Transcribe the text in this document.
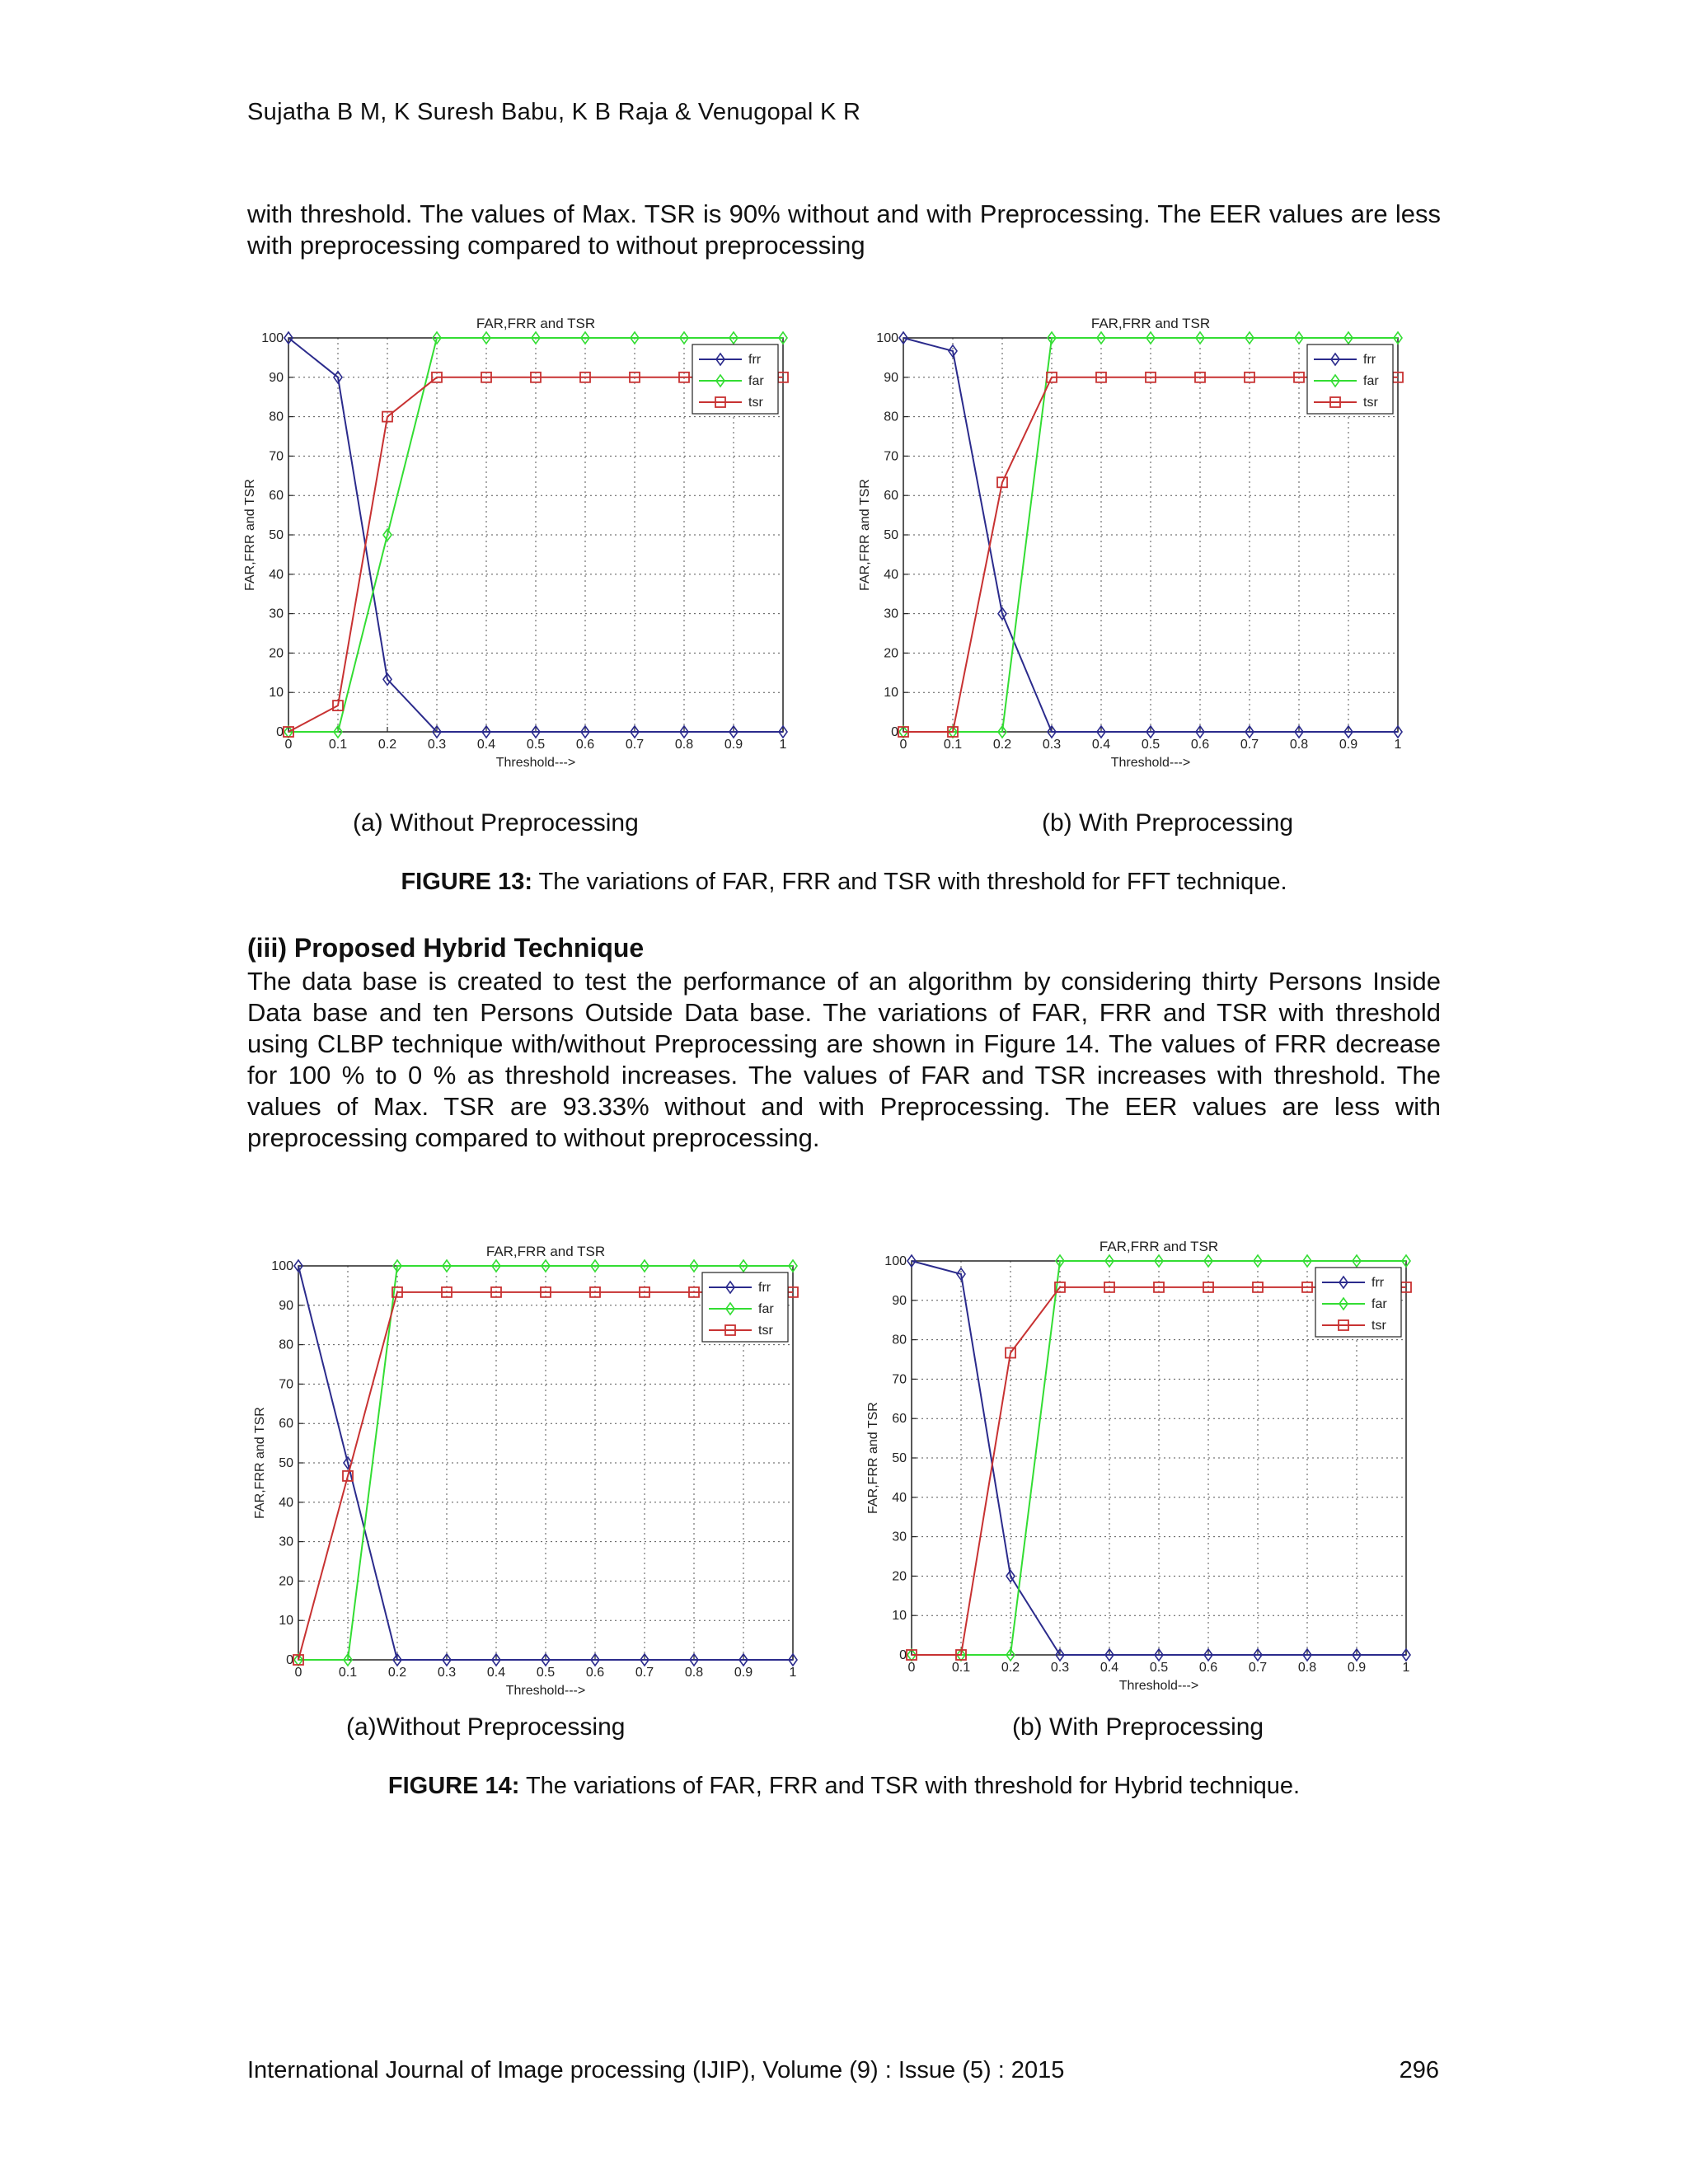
Sujatha B M, K Suresh Babu, K B Raja & Venugopal K R

with threshold. The values of Max. TSR is 90% without and with Preprocessing. The EER values are less with preprocessing compared to without preprocessing

FAR,FRR and TSR
0	0.1 0.2 0.3 0.4 0.5 0.6 0.7 0.8 0.9	1
0
10
20
30
40
50
60
70
80
90
100
Threshold--->
FAR,FRR and TSR
frr
far
tsr
FAR,FRR and TSR
0	0.1 0.2 0.3 0.4 0.5 0.6 0.7 0.8 0.9	1
0
10
20
30
40
50
60
70
80
90
100
Threshold--->
FAR,FRR and TSR
frr
far
tsr
(a) Without Preprocessing	(b) With Preprocessing
FIGURE 13: The variations of FAR, FRR and TSR with threshold for FFT technique.
(iii) Proposed Hybrid Technique

The data base is created to test the performance of an algorithm by considering thirty Persons Inside Data base and ten Persons Outside Data base. The variations of FAR, FRR and TSR with threshold using CLBP technique with/without Preprocessing are shown in Figure 14. The values of FRR decrease for 100 % to 0 % as threshold increases. The values of FAR and TSR increases with threshold. The values of Max. TSR are 93.33% without and with Preprocessing. The EER values are less with preprocessing compared to without preprocessing.

FAR,FRR and TSR
0	0.1 0.2 0.3 0.4 0.5 0.6 0.7 0.8 0.9	1
0
10
20
30
40
50
60
70
80
90
100
Threshold--->
FAR,FRR and TSR
frr
far
tsr
FAR,FRR and TSR
0	0.1 0.2 0.3 0.4 0.5 0.6 0.7 0.8 0.9	1
0
10
20
30
40
50
60
70
80
90
100
Threshold--->
FAR,FRR and TSR
frr
far
tsr
(a)Without Preprocessing	(b) With Preprocessing
FIGURE 14: The variations of FAR, FRR and TSR with threshold for Hybrid technique.
International Journal of Image processing (IJIP), Volume (9) : Issue (5) : 2015	296
